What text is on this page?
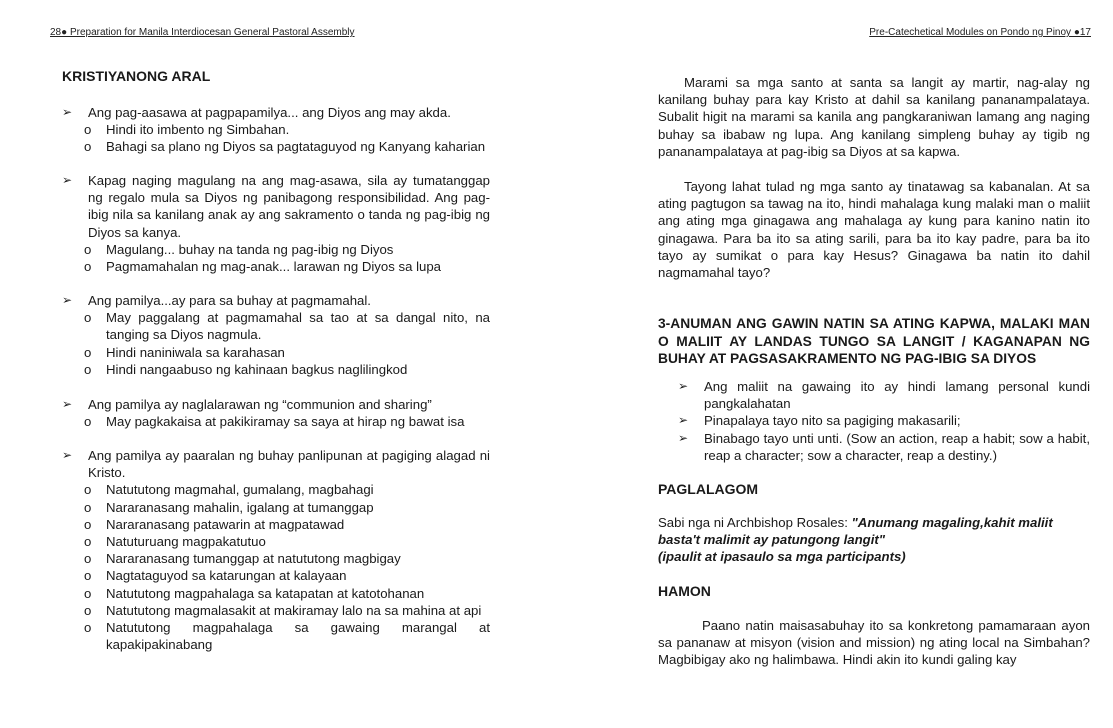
28● Preparation for Manila Interdiocesan General Pastoral Assembly
KRISTIYANONG ARAL
➢ Ang pag-aasawa at pagpapamilya... ang Diyos ang may akda.
o Hindi ito imbento ng Simbahan.
o Bahagi sa plano ng Diyos sa pagtataguyod ng Kanyang kaharian
➢ Kapag naging magulang na ang mag-asawa, sila ay tumatanggap ng regalo mula sa Diyos ng panibagong responsibilidad. Ang pag-ibig nila sa kanilang anak ay ang sakramento o tanda ng pag-ibig ng Diyos sa kanya.
o Magulang... buhay na tanda ng pag-ibig ng Diyos
o Pagmamahalan ng mag-anak... larawan ng Diyos sa lupa
➢ Ang pamilya...ay para sa buhay at pagmamahal.
o May paggalang at pagmamahal sa tao at sa dangal nito, na tanging sa Diyos nagmula.
o Hindi naniniwala sa karahasan
o Hindi nangaabuso ng kahinaan bagkus naglilingkod
➢ Ang pamilya ay naglalarawan ng “communion and sharing”
o May pagkakaisa at pakikiramay sa saya at hirap ng bawat isa
➢ Ang pamilya ay paaralan ng buhay panlipunan at pagiging alagad ni Kristo.
o Natututong magmahal, gumalang, magbahagi
o Nararanasang mahalin, igalang at tumanggap
o Nararanasang patawarin at magpatawad
o Natuturuang magpakatutuo
o Nararanasang tumanggap at natututong magbigay
o Nagtataguyod sa katarungan at kalayaan
o Natututong magpahalaga sa katapatan at katotohanan
o Natututong magmalasakit at makiramay lalo na sa mahina at api
o Natututong magpahalaga sa gawaing marangal at kapakipakinabang
Pre-Catechetical Modules on Pondo ng Pinoy ●17
Marami sa mga santo at santa sa langit ay martir, nag-alay ng kanilang buhay para kay Kristo at dahil sa kanilang pananampalataya. Subalit higit na marami sa kanila ang pangkaraniwan lamang ang naging buhay sa ibabaw ng lupa. Ang kanilang simpleng buhay ay tigib ng pananampalataya at pag-ibig sa Diyos at sa kapwa.
Tayong lahat tulad ng mga santo ay tinatawag sa kabanalan. At sa ating pagtugon sa tawag na ito, hindi mahalaga kung malaki man o maliit ang ating mga ginagawa ang mahalaga ay kung para kanino natin ito ginagawa. Para ba ito sa ating sarili, para ba ito kay padre, para ba ito tayo ay sumikat o para kay Hesus? Ginagawa ba natin ito dahil nagmamahal tayo?
3-ANUMAN ANG GAWIN NATIN SA ATING KAPWA, MALAKI MAN O MALIIT AY LANDAS TUNGO SA LANGIT / KAGANAPAN NG BUHAY AT PAGSASAKRAMENTO NG PAG-IBIG SA DIYOS
➢ Ang maliit na gawaing ito ay hindi lamang personal kundi pangkalahatan
➢ Pinapalaya tayo nito sa pagiging makasarili;
➢ Binabago tayo unti unti. (Sow an action, reap a habit; sow a habit, reap a character; sow a character, reap a destiny.)
PAGLALAGOM
Sabi nga ni Archbishop Rosales: "Anumang magaling,kahit maliit basta't malimit ay patungong langit"
(ipaulit at ipasaulo sa mga participants)
HAMON
Paano natin maisasabuhay ito sa konkretong pamamaraan ayon sa pananaw at misyon (vision and mission) ng ating local na Simbahan? Magbibigay ako ng halimbawa. Hindi akin ito kundi galing kay
